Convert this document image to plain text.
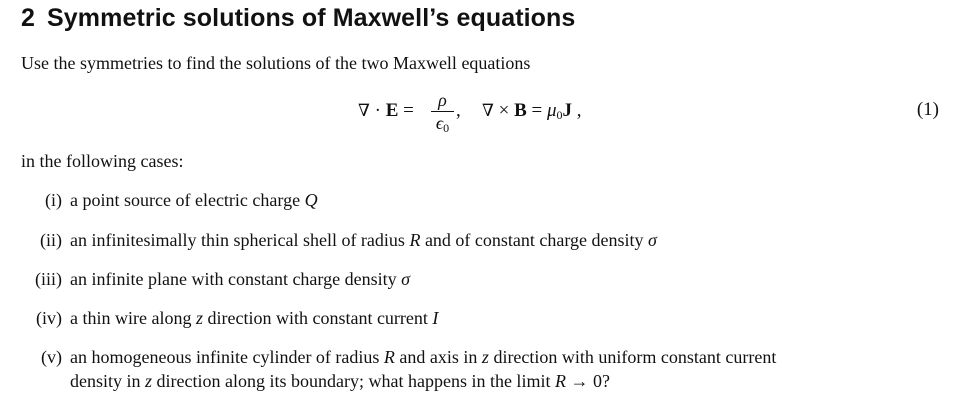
2 Symmetric solutions of Maxwell’s equations
Use the symmetries to find the solutions of the two Maxwell equations
∇ · E =	ρ
$\epsilon_0$
, ∇ × $B = \mu_0J$ ,	(1)
in the following cases:
(i) a point source of electric charge Q
(ii) an infinitesimally thin spherical shell of radius R and of constant charge density σ
(iii) an infinite plane with constant charge density σ
(iv) a thin wire along z direction with constant current I
(v) an homogeneous infinite cylinder of radius R and axis in z direction with uniform constant current
density in z direction along its boundary; what happens in the limit R → 0?
